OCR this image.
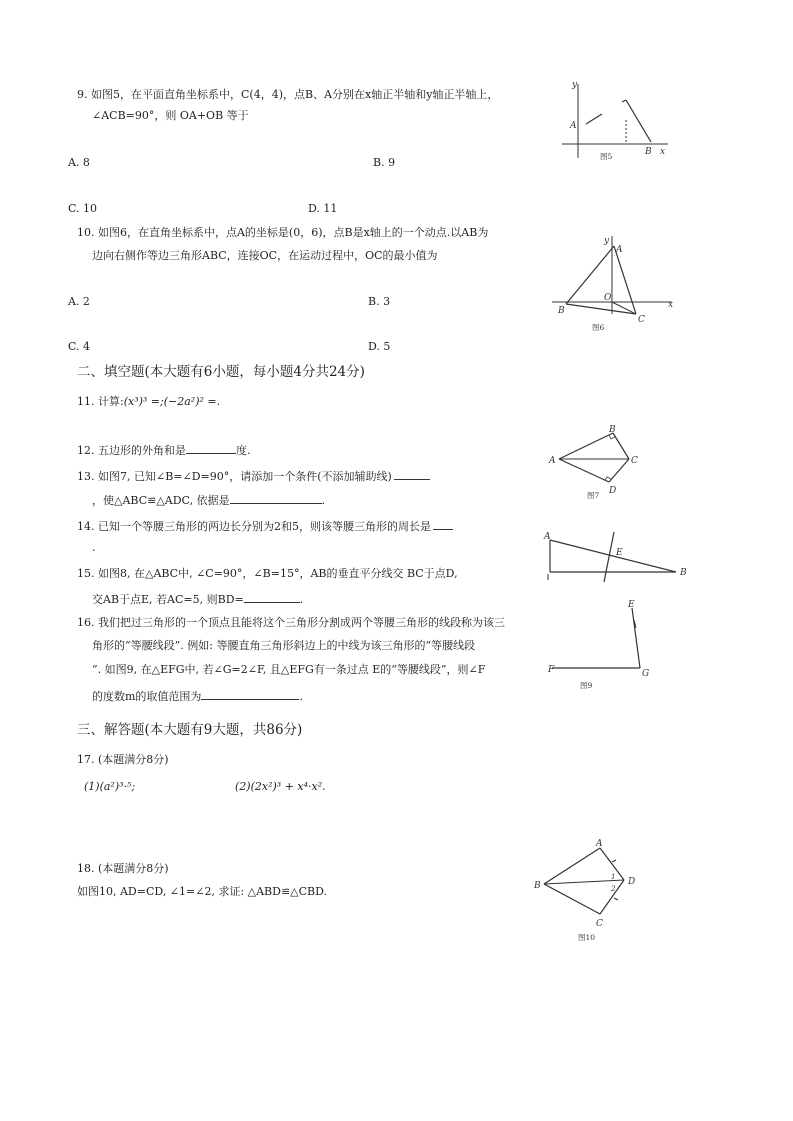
9. 如图5，在平面直角坐标系中，C(4，4)，点B、A分别在x轴正半轴和y轴正半轴上，
∠ACB=90°，则 OA+OB 等于
A. 8	B. 9
C. 10	D. 11
y
A
B x
图5
10. 如图6，在直角坐标系中，点A的坐标是(0，6)，点B是x轴上的一个动点.以AB为
边向右侧作等边三角形ABC，连接OC，在运动过程中，OC的最小值为
A. 2	B. 3
C. 4	D. 5
y
A
B
O
C
x
图6
二、填空题(本大题有6小题，每小题4分共24分)
11. 计算:(x³)³ =;(−2a²)² =.
12. 五边形的外角和是	度.
13. 如图7, 已知∠B=∠D=90°，请添加一个条件(不添加辅助线)
，使△ABC≌△ADC, 依据是	.
A
B
C
D
图7
14. 已知一个等腰三角形的两边长分别为2和5，则该等腰三角形的周长是
.
A
E
B
15. 如图8, 在△ABC中, ∠C=90°，∠B=15°，AB的垂直平分线交 BC于点D,
交AB于点E, 若AC=5, 则BD=	.
16. 我们把过三角形的一个顶点且能将这个三角形分割成两个等腰三角形的线段称为该三
角形的“等腰线段”. 例如: 等腰直角三角形斜边上的中线为该三角形的“等腰线段
”. 如图9, 在△EFG中, 若∠G=2∠F, 且△EFG有一条过点 E的“等腰线段”，则∠F
的度数m的取值范围为	.
E
F	G
图9
三、解答题(本大题有9大题，共86分)
17. (本题满分8分)
(1)(a²)³·⁵;	(2)(2x²)³ + x⁴·x².
18. (本题满分8分)
如图10, AD=CD, ∠1=∠2, 求证: △ABD≌△CBD.
A
B
1
2
D
C
图10
